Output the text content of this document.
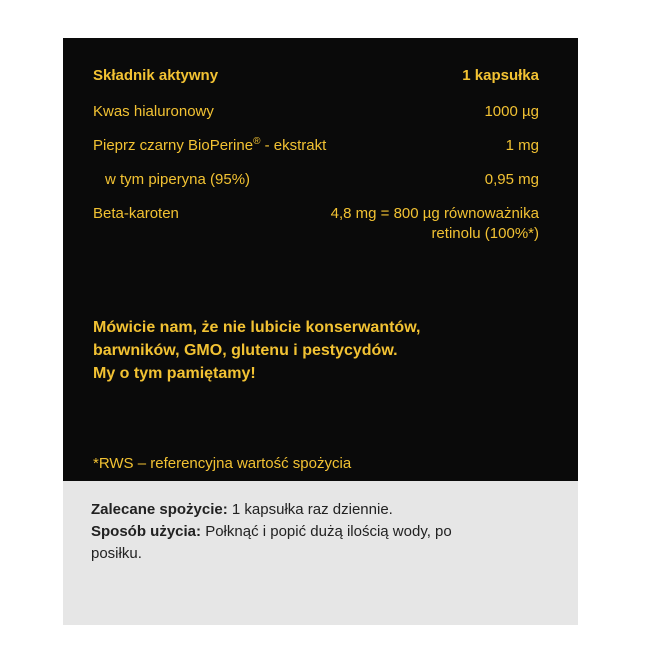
Składnik aktywny	1 kapsułka
Kwas hialuronowy	1000 µg
Pieprz czarny BioPerine® - ekstrakt	1 mg
w tym piperyna (95%)	0,95 mg
Beta-karoten	4,8 mg = 800 µg równoważnika retinolu (100%*)
Mówicie nam, że nie lubicie konserwantów,
barwników, GMO, glutenu i pestycydów.
My o tym pamiętamy!
*RWS – referencyjna wartość spożycia
Zalecane spożycie: 1 kapsułka raz dziennie.
Sposób użycia: Połknąć i popić dużą ilością wody, po posiłku.
